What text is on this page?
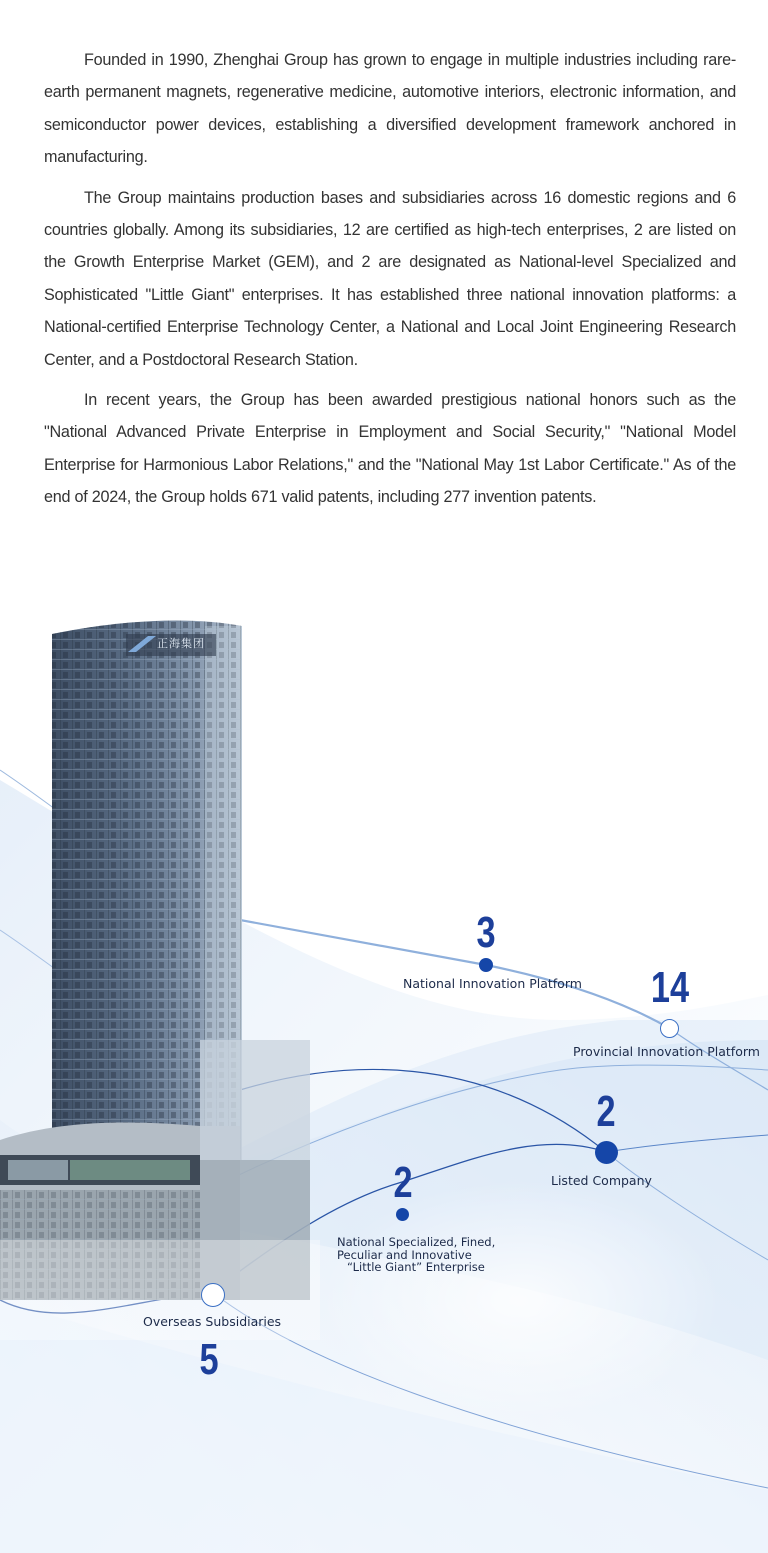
Founded in 1990, Zhenghai Group has grown to engage in multiple industries including rare-earth permanent magnets, regenerative medicine, automotive interiors, electronic information, and semiconductor power devices, establishing a diversified development framework anchored in manufacturing.

The Group maintains production bases and subsidiaries across 16 domestic regions and 6 countries globally. Among its subsidiaries, 12 are certified as high-tech enterprises, 2 are listed on the Growth Enterprise Market (GEM), and 2 are designated as National-level Specialized and Sophisticated "Little Giant" enterprises. It has established three national innovation platforms: a National-certified Enterprise Technology Center, a National and Local Joint Engineering Research Center, and a Postdoctoral Research Station.

In recent years, the Group has been awarded prestigious national honors such as the "National Advanced Private Enterprise in Employment and Social Security," "National Model Enterprise for Harmonious Labor Relations," and the "National May 1st Labor Certificate." As of the end of 2024, the Group holds 671 valid patents, including 277 invention patents.

正海集团
3
National Innovation Platform 14
Provincial Innovation Platform
2
Listed Company
2
National Specialized, Fined,
Peculiar and Innovative
“Little Giant” Enterprise
Overseas Subsidiaries
5
